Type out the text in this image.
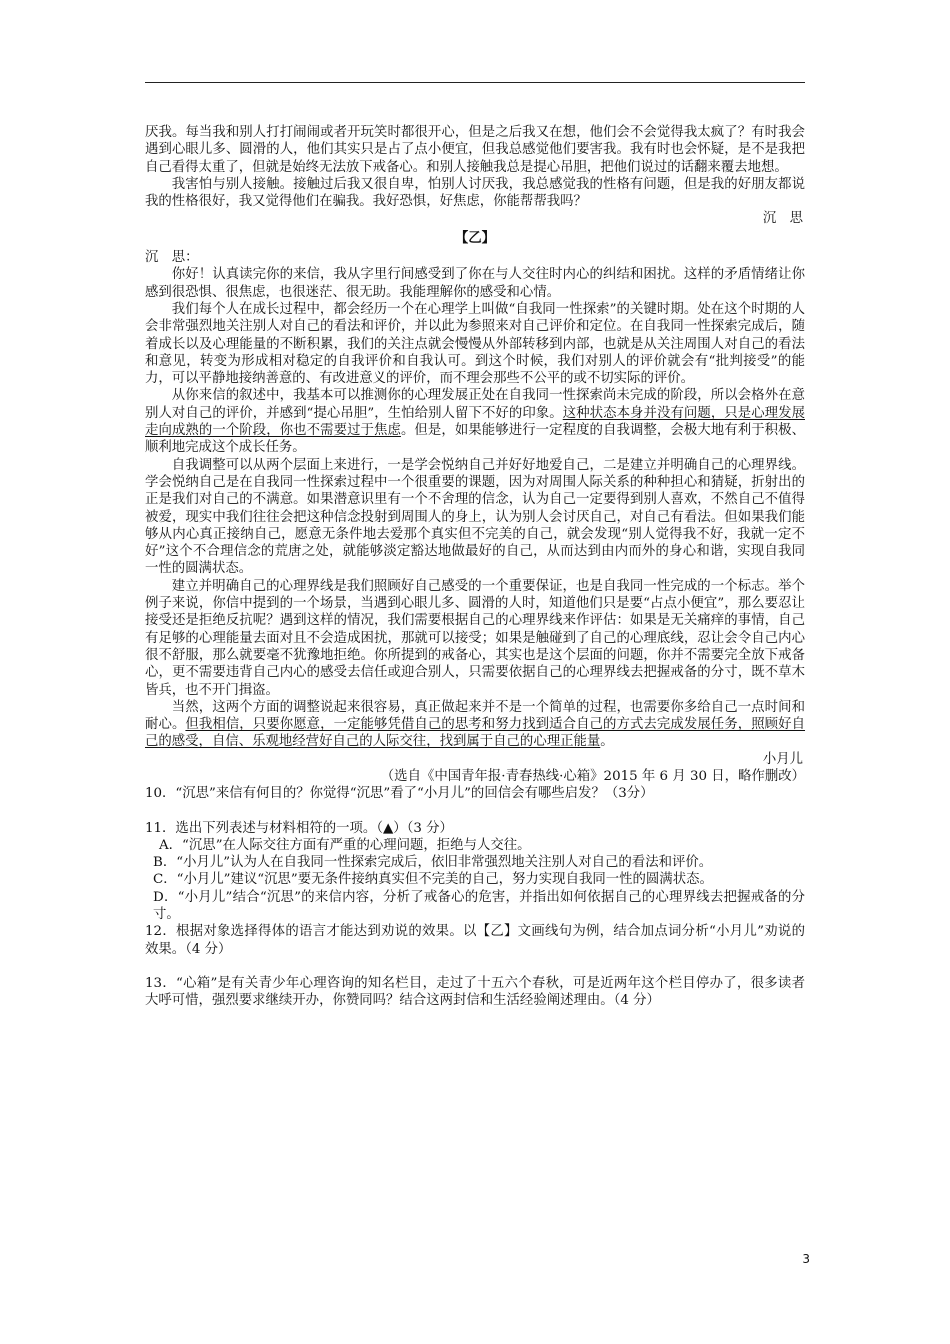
厌我。每当我和别人打打闹闹或者开玩笑时都很开心，但是之后我又在想，他们会不会觉得我太疯了？有时我会遇到心眼儿多、圆滑的人，他们其实只是占了点小便宜，但我总感觉他们要害我。我有时也会怀疑，是不是我把自己看得太重了，但就是始终无法放下戒备心。和别人接触我总是提心吊胆，把他们说过的话翻来覆去地想。

我害怕与别人接触。接触过后我又很自卑，怕别人讨厌我，我总感觉我的性格有问题，但是我的好朋友都说我的性格很好，我又觉得他们在骗我。我好恐惧，好焦虑，你能帮帮我吗？

沉　思

【乙】

沉　思：

你好！认真读完你的来信，我从字里行间感受到了你在与人交往时内心的纠结和困扰。这样的矛盾情绪让你感到很恐惧、很焦虑，也很迷茫、很无助。我能理解你的感受和心情。

我们每个人在成长过程中，都会经历一个在心理学上叫做“自我同一性探索”的关键时期。处在这个时期的人会非常强烈地关注别人对自己的看法和评价，并以此为参照来对自己评价和定位。在自我同一性探索完成后，随着成长以及心理能量的不断积累，我们的关注点就会慢慢从外部转移到内部，也就是从关注周围人对自己的看法和意见，转变为形成相对稳定的自我评价和自我认可。到这个时候，我们对别人的评价就会有“批判接受”的能力，可以平静地接纳善意的、有改进意义的评价，而不理会那些不公平的或不切实际的评价。

从你来信的叙述中，我基本可以推测你的心理发展正处在自我同一性探索尚未完成的阶段，所以会格外在意别人对自己的评价，并感到“提心吊胆”，生怕给别人留下不好的印象。这种状态本身并没有问题，只是心理发展走向成熟的一个阶段，你也不需要过于焦虑。但是，如果能够进行一定程度的自我调整，会极大地有利于积极、顺利地完成这个成长任务。

自我调整可以从两个层面上来进行，一是学会悦纳自己并好好地爱自己，二是建立并明确自己的心理界线。学会悦纳自己是在自我同一性探索过程中一个很重要的课题，因为对周围人际关系的种种担心和猜疑，折射出的正是我们对自己的不满意。如果潜意识里有一个不舍理的信念，认为自己一定要得到别人喜欢，不然自己不值得被爱，现实中我们往往会把这种信念投射到周围人的身上，认为别人会讨厌自己，对自己有看法。但如果我们能够从内心真正接纳自己，愿意无条件地去爱那个真实但不完美的自己，就会发现“别人觉得我不好，我就一定不好”这个不合理信念的荒唐之处，就能够淡定豁达地做最好的自己，从而达到由内而外的身心和谐，实现自我同一性的圆满状态。

建立并明确自己的心理界线是我们照顾好自己感受的一个重要保证，也是自我同一性完成的一个标志。举个例子来说，你信中提到的一个场景，当遇到心眼儿多、圆滑的人时，知道他们只是要“占点小便宜”，那么要忍让接受还是拒绝反抗呢？遇到这样的情况，我们需要根据自己的心理界线来作评估：如果是无关痛痒的事情，自己有足够的心理能量去面对且不会造成困扰，那就可以接受；如果是触碰到了自己的心理底线，忍让会令自己内心很不舒服，那么就要毫不犹豫地拒绝。你所提到的戒备心，其实也是这个层面的问题，你并不需要完全放下戒备心，更不需要违背自己内心的感受去信任或迎合别人，只需要依据自己的心理界线去把握戒备的分寸，既不草木皆兵，也不开门揖盗。

当然，这两个方面的调整说起来很容易，真正做起来并不是一个简单的过程，也需要你多给自己一点时间和耐心。但我相信，只要你愿意，一定能够凭借自己的思考和努力找到适合自己的方式去完成发展任务，照顾好自己的感受，自信、乐观地经营好自己的人际交往，找到属于自己的心理正能量。

小月儿

（选自《中国青年报·青春热线·心箱》2015 年 6 月 30 日，略作删改）

10．“沉思”来信有何目的？你觉得“沉思”看了“小月儿”的回信会有哪些启发？（3分）

11．选出下列表述与材料相符的一项。（▲）（3 分）

A．“沉思”在人际交往方面有严重的心理问题，拒绝与人交往。

B．“小月儿”认为人在自我同一性探索完成后，依旧非常强烈地关注别人对自己的看法和评价。

C．“小月儿”建议“沉思”要无条件接纳真实但不完美的自己，努力实现自我同一性的圆满状态。

D．“小月儿”结合“沉思”的来信内容，分析了戒备心的危害，并指出如何依据自己的心理界线去把握戒备的分寸。

12．根据对象选择得体的语言才能达到劝说的效果。以【乙】文画线句为例，结合加点词分析“小月儿”劝说的效果。（4 分）

13．“心箱”是有关青少年心理咨询的知名栏目，走过了十五六个春秋，可是近两年这个栏目停办了，很多读者大呼可惜，强烈要求继续开办，你赞同吗？结合这两封信和生活经验阐述理由。（4 分）

3
